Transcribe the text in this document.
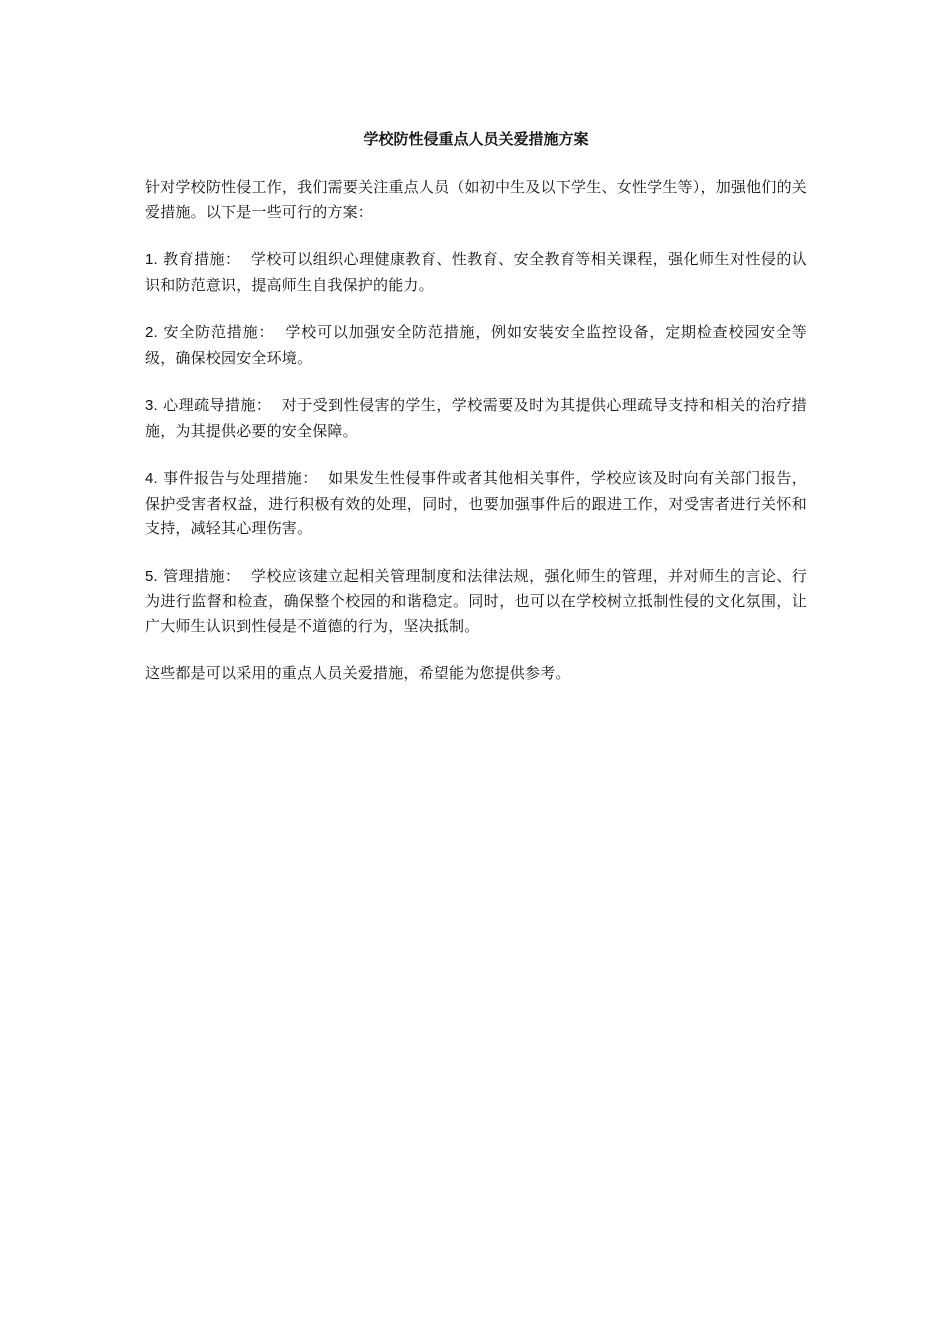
学校防性侵重点人员关爱措施方案

针对学校防性侵工作，我们需要关注重点人员（如初中生及以下学生、女性学生等），加强他们的关爱措施。以下是一些可行的方案：

1. 教育措施： 学校可以组织心理健康教育、性教育、安全教育等相关课程，强化师生对性侵的认识和防范意识，提高师生自我保护的能力。

2. 安全防范措施： 学校可以加强安全防范措施，例如安装安全监控设备，定期检查校园安全等级，确保校园安全环境。

3. 心理疏导措施： 对于受到性侵害的学生，学校需要及时为其提供心理疏导支持和相关的治疗措施，为其提供必要的安全保障。

4. 事件报告与处理措施： 如果发生性侵事件或者其他相关事件，学校应该及时向有关部门报告，保护受害者权益，进行积极有效的处理，同时，也要加强事件后的跟进工作，对受害者进行关怀和支持，减轻其心理伤害。

5. 管理措施： 学校应该建立起相关管理制度和法律法规，强化师生的管理，并对师生的言论、行为进行监督和检查，确保整个校园的和谐稳定。同时，也可以在学校树立抵制性侵的文化氛围，让广大师生认识到性侵是不道德的行为，坚决抵制。

这些都是可以采用的重点人员关爱措施，希望能为您提供参考。
